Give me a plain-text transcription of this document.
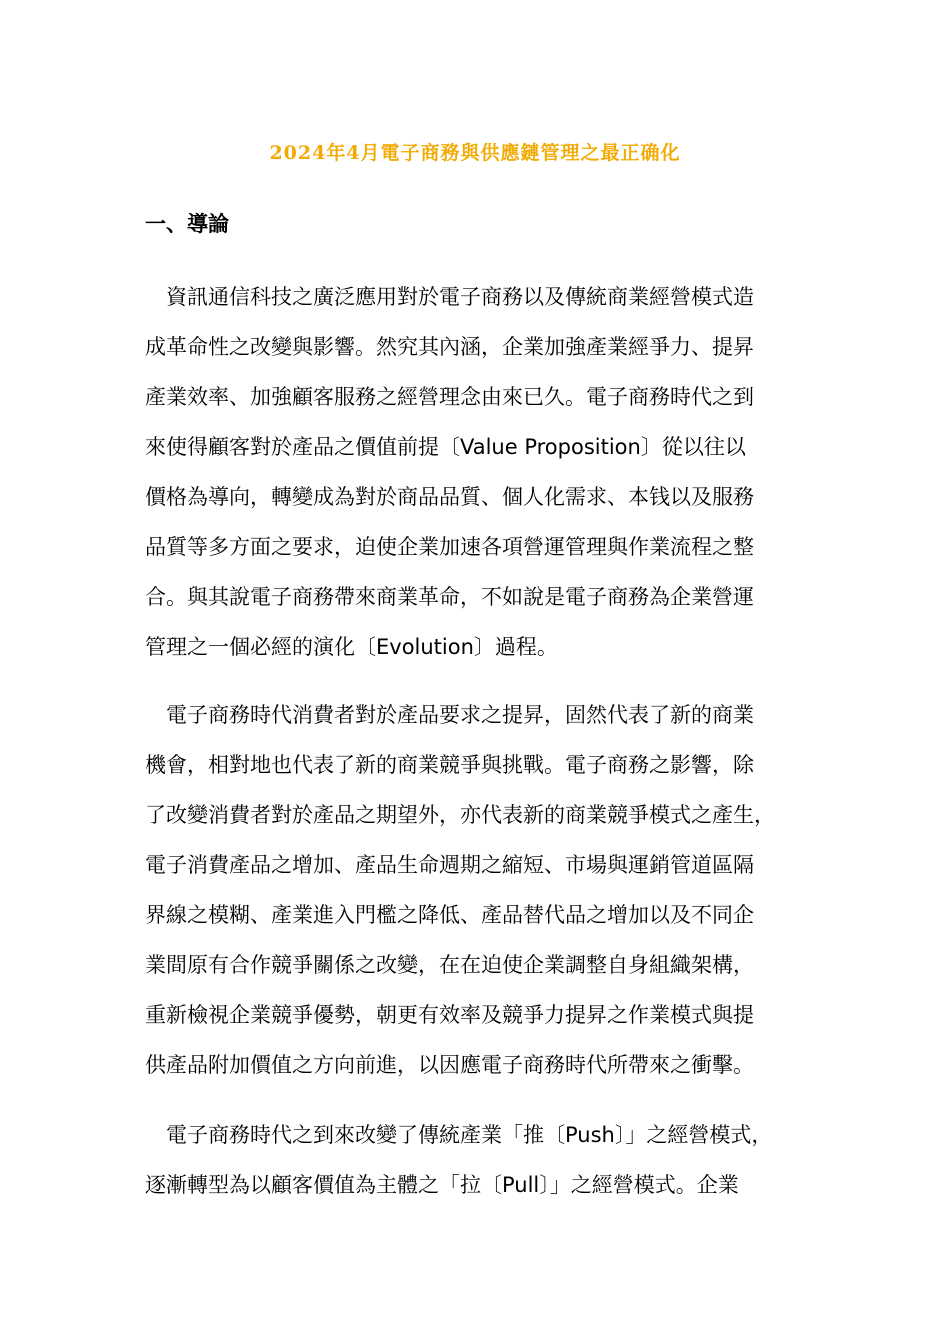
2024年4月電子商務與供應鏈管理之最正确化
一、導論
　資訊通信科技之廣泛應用對於電子商務以及傳統商業經營模式造
成革命性之改變與影響。然究其內涵，企業加強產業經爭力、提昇
產業效率、加強顧客服務之經營理念由來已久。電子商務時代之到
來使得顧客對於產品之價值前提〔Value Proposition〕從以往以
價格為導向，轉變成為對於商品品質、個人化需求、本钱以及服務
品質等多方面之要求，迫使企業加速各項營運管理與作業流程之整
合。與其說電子商務帶來商業革命，不如說是電子商務為企業營運
管理之一個必經的演化〔Evolution〕過程。
　電子商務時代消費者對於產品要求之提昇，固然代表了新的商業
機會，相對地也代表了新的商業競爭與挑戰。電子商務之影響，除
了改變消費者對於產品之期望外，亦代表新的商業競爭模式之產生，
電子消費產品之增加、產品生命週期之縮短、市場與運銷管道區隔
界線之模糊、產業進入門檻之降低、產品替代品之增加以及不同企
業間原有合作競爭關係之改變，在在迫使企業調整自身組織架構，
重新檢視企業競爭優勢，朝更有效率及競爭力提昇之作業模式與提
供產品附加價值之方向前進，以因應電子商務時代所帶來之衝擊。
　電子商務時代之到來改變了傳統產業「推〔Push〕」之經營模式，
逐漸轉型為以顧客價值為主體之「拉〔Pull〕」之經營模式。企業
